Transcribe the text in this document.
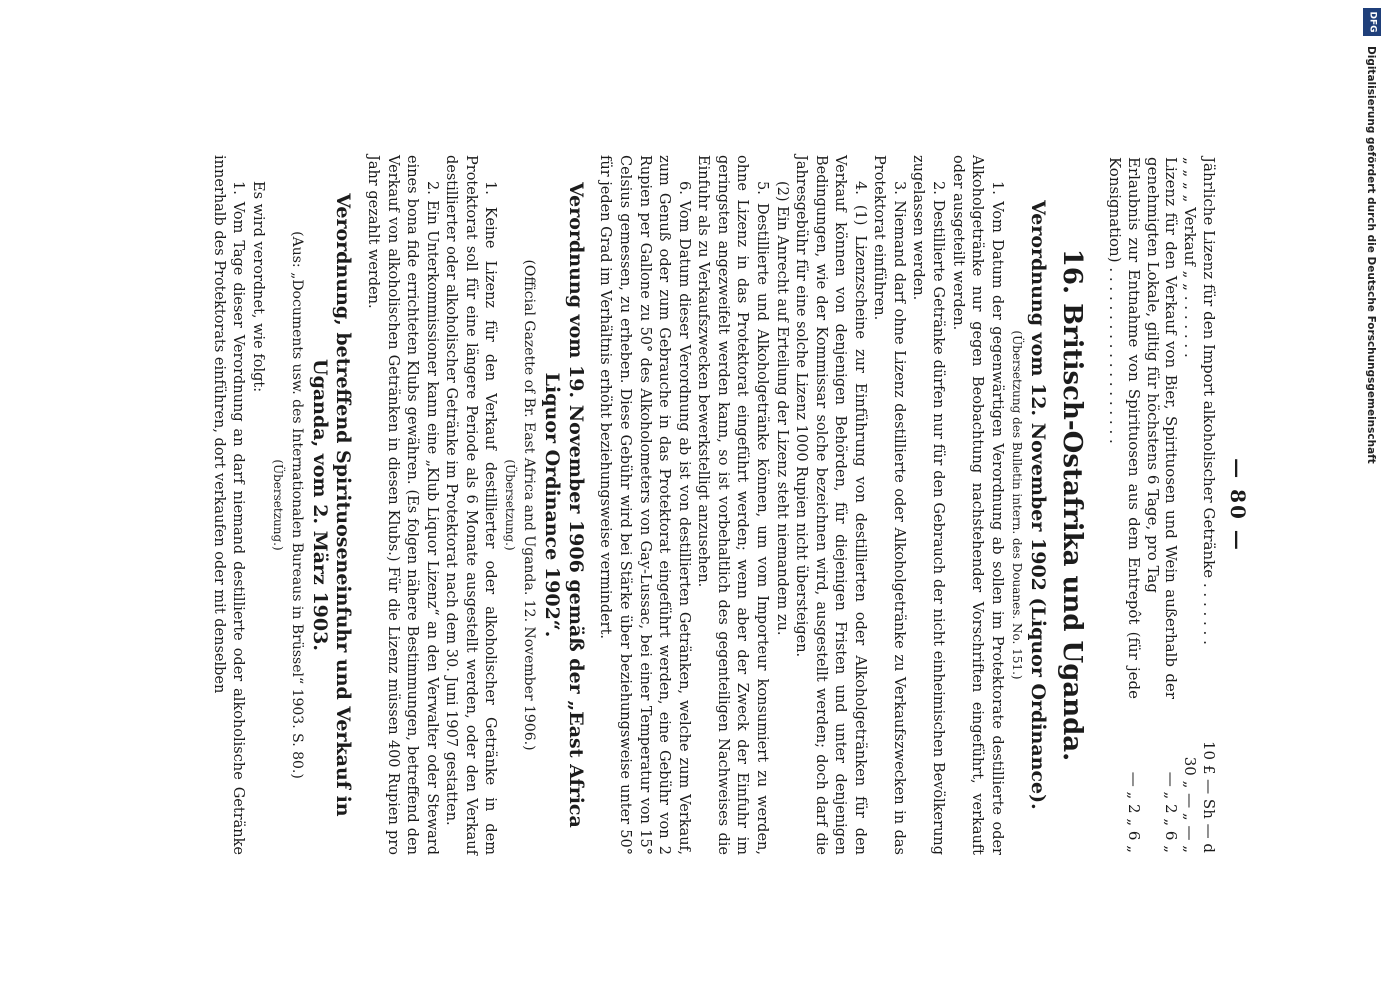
— 80 —
Jährliche Lizenz für den Import alkoholischer Getränke . . . . . . .	10 £ — Sh — d
„ „ „ „ Verkauf „ „ . . . . . . .	30 „ — „ — „
Lizenz für den Verkauf von Bier, Spirituosen und Wein außerhalb der genehmigten Lokale, giltig für höchstens 6 Tage, pro Tag	— „ 2 „ 6 „
Erlaubnis zur Entnahme von Spirituosen aus dem Entrepôt (für jede Konsignation) . . . . . . . . . . . . . . . . . . .	— „ 2 „ 6 „
16. Britisch-Ostafrika und Uganda.
Verordnung vom 12. November 1902 (Liquor Ordinance).
(Übersetzung des Bulletin intern. des Douanes. No. 151.)

1. Vom Datum der gegenwärtigen Verordnung ab sollen im Protektorate destillierte oder Alkoholgetränke nur gegen Beobachtung nachstehender Vorschriften eingeführt, verkauft oder ausgeteilt werden.

2. Destillierte Getränke dürfen nur für den Gebrauch der nicht einheimischen Bevölkerung zugelassen werden.

3. Niemand darf ohne Lizenz destillierte oder Alkoholgetränke zu Verkaufszwecken in das Protektorat einführen.

4. (1) Lizenzscheine zur Einführung von destillierten oder Alkoholgetränken für den Verkauf können von denjenigen Behörden, für diejenigen Fristen und unter denjenigen Bedingungen, wie der Kommissar solche bezeichnen wird, ausgestellt werden; doch darf die Jahresgebühr für eine solche Lizenz 1000 Rupien nicht übersteigen.

(2) Ein Anrecht auf Erteilung der Lizenz steht niemandem zu.

5. Destillierte und Alkoholgetränke können, um vom Importeur konsumiert zu werden, ohne Lizenz in das Protektorat eingeführt werden; wenn aber der Zweck der Einfuhr im geringsten angezweifelt werden kann, so ist vorbehaltlich des gegenteiligen Nachweises die Einfuhr als zu Verkaufszwecken bewerkstelligt anzusehen.

6. Vom Datum dieser Verordnung ab ist von destillierten Getränken, welche zum Verkauf, zum Genuß oder zum Gebrauche in das Protektorat eingeführt werden, eine Gebühr von 2 Rupien per Gallone zu 50° des Alkoholometers von Gay-Lussac, bei einer Temperatur von 15° Celsius gemessen, zu erheben. Diese Gebühr wird bei Stärke über beziehungsweise unter 50° für jeden Grad im Verhältnis erhöht beziehungsweise vermindert.

Verordnung vom 19. November 1906 gemäß der „East Africa Liquor Ordinance 1902“.
(Official Gazette of Br. East Africa and Uganda. 12. November 1906.)
(Übersetzung.)

1. Keine Lizenz für den Verkauf destillierter oder alkoholischer Getränke in dem Protektorat soll für eine längere Periode als 6 Monate ausgestellt werden, oder den Verkauf destillierter oder alkoholischer Getränke im Protektorat nach dem 30. Juni 1907 gestatten.

2. Ein Unterkommissioner kann eine „Klub Liquor Lizenz“ an den Verwalter oder Steward eines bona fide errichteten Klubs gewähren. (Es folgen nähere Bestimmungen, betreffend den Verkauf von alkoholischen Getränken in diesen Klubs.) Für die Lizenz müssen 400 Rupien pro Jahr gezahlt werden.

Verordnung, betreffend Spirituoseneinfuhr und Verkauf in Uganda, vom 2. März 1903.
(Aus: „Documents usw. des Internationalen Bureaus in Brüssel“ 1903. S. 80.)
(Übersetzung.)

Es wird verordnet, wie folgt:

1. Vom Tage dieser Verordnung an darf niemand destillierte oder alkoholische Getränke innerhalb des Protektorats einführen, dort verkaufen oder mit denselben

DFG
Digitalisierung gefördert durch die Deutsche Forschungsgemeinschaft
